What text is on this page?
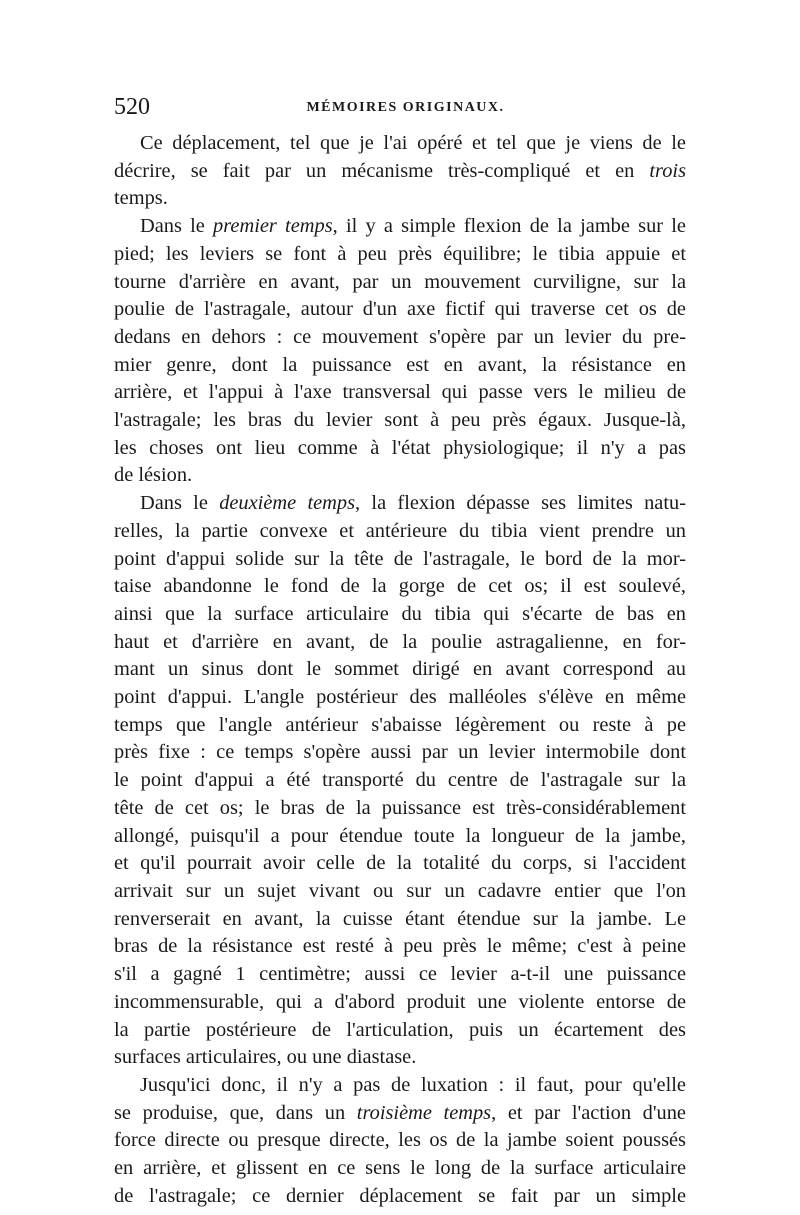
520	MÉMOIRES ORIGINAUX.
Ce déplacement, tel que je l'ai opéré et tel que je viens de le
décrire, se fait par un mécanisme très-compliqué et en trois
temps.
Dans le premier temps, il y a simple flexion de la jambe sur le
pied; les leviers se font à peu près équilibre; le tibia appuie et
tourne d'arrière en avant, par un mouvement curviligne, sur la
poulie de l'astragale, autour d'un axe fictif qui traverse cet os de
dedans en dehors : ce mouvement s'opère par un levier du pre-
mier genre, dont la puissance est en avant, la résistance en
arrière, et l'appui à l'axe transversal qui passe vers le milieu de
l'astragale; les bras du levier sont à peu près égaux. Jusque-là,
les choses ont lieu comme à l'état physiologique; il n'y a pas
de lésion.
Dans le deuxième temps, la flexion dépasse ses limites natu-
relles, la partie convexe et antérieure du tibia vient prendre un
point d'appui solide sur la tête de l'astragale, le bord de la mor-
taise abandonne le fond de la gorge de cet os; il est soulevé,
ainsi que la surface articulaire du tibia qui s'écarte de bas en
haut et d'arrière en avant, de la poulie astragalienne, en for-
mant un sinus dont le sommet dirigé en avant correspond au
point d'appui. L'angle postérieur des malléoles s'élève en même
temps que l'angle antérieur s'abaisse légèrement ou reste à pe
près fixe : ce temps s'opère aussi par un levier intermobile dont
le point d'appui a été transporté du centre de l'astragale sur la
tête de cet os; le bras de la puissance est très-considérablement
allongé, puisqu'il a pour étendue toute la longueur de la jambe,
et qu'il pourrait avoir celle de la totalité du corps, si l'accident
arrivait sur un sujet vivant ou sur un cadavre entier que l'on
renverserait en avant, la cuisse étant étendue sur la jambe. Le
bras de la résistance est resté à peu près le même; c'est à peine
s'il a gagné 1 centimètre; aussi ce levier a-t-il une puissance
incommensurable, qui a d'abord produit une violente entorse de
la partie postérieure de l'articulation, puis un écartement des
surfaces articulaires, ou une diastase.
Jusqu'ici donc, il n'y a pas de luxation : il faut, pour qu'elle
se produise, que, dans un troisième temps, et par l'action d'une
force directe ou presque directe, les os de la jambe soient poussés
en arrière, et glissent en ce sens le long de la surface articulaire
de l'astragale; ce dernier déplacement se fait par un simple
